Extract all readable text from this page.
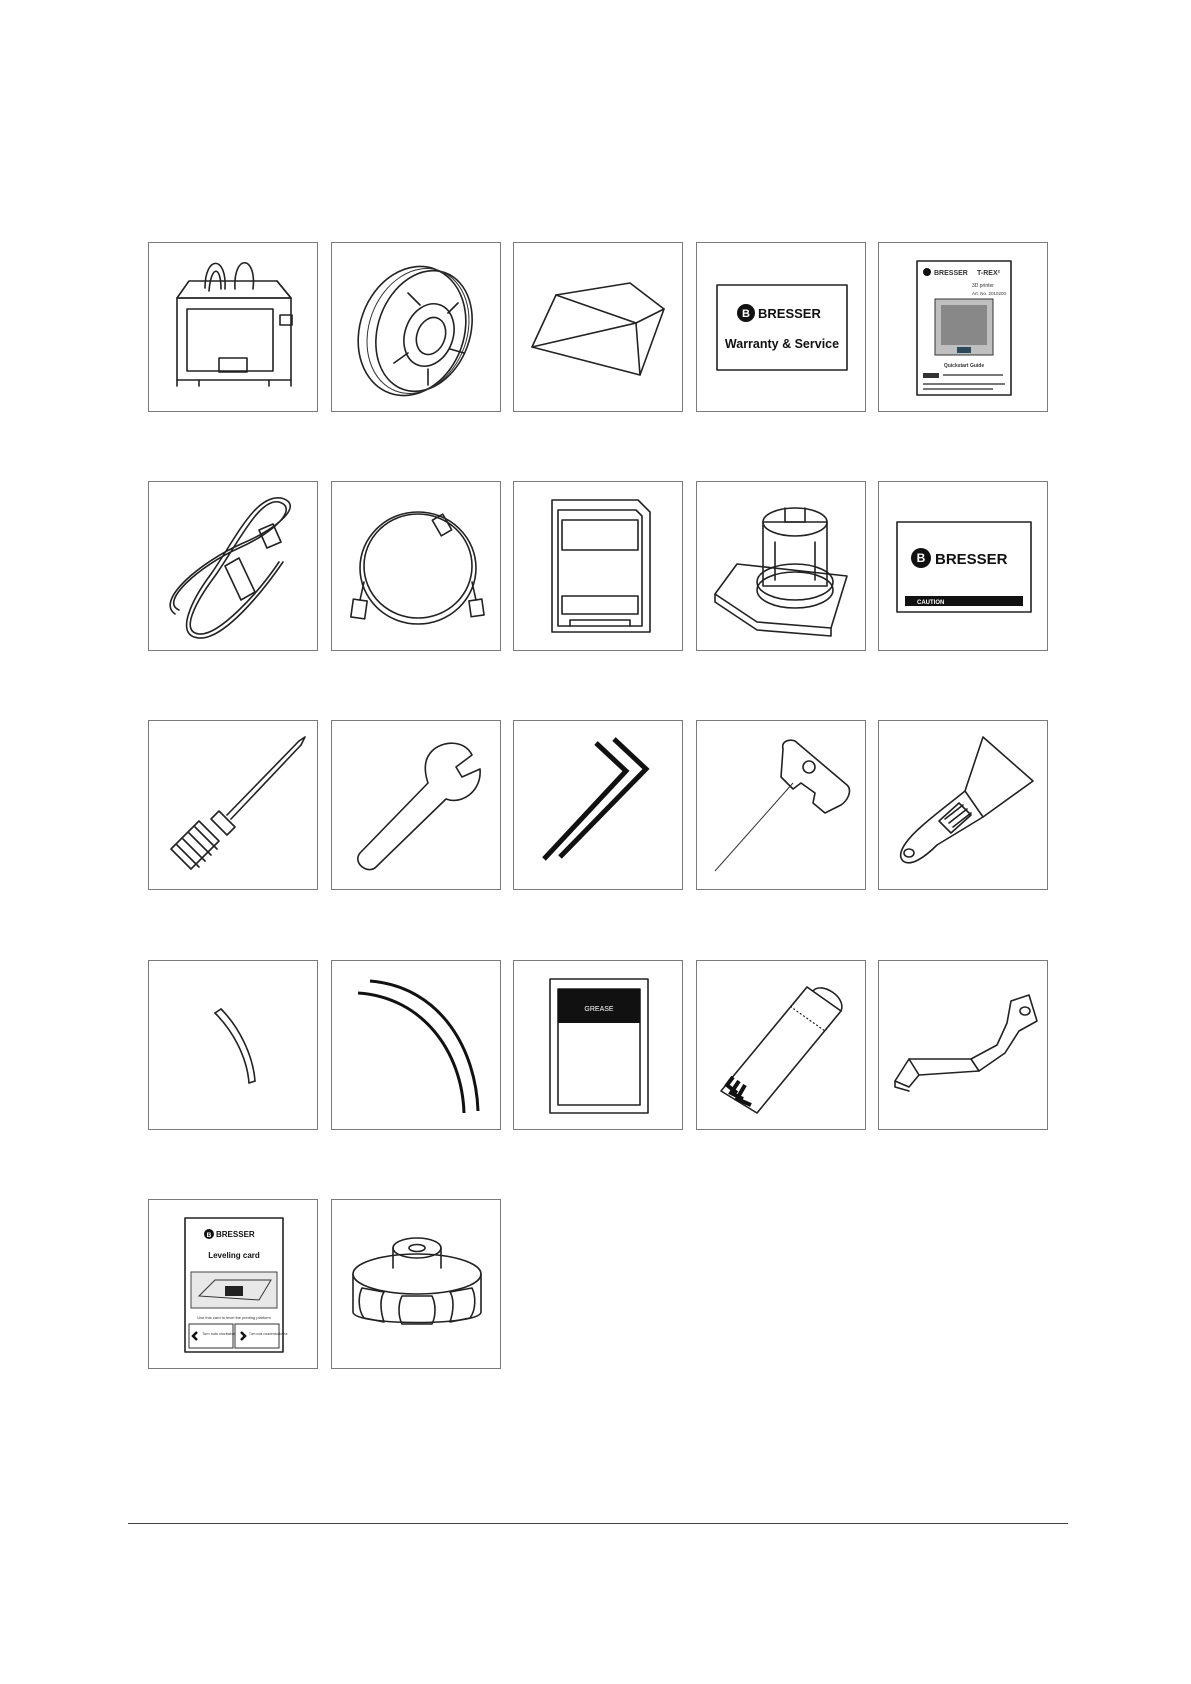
B BRESSER
Warranty & Service
BRESSER T-REX²
3D printer
Art. No. 2010200
Quickstart Guide
B BRESSER
CAUTION
GREASE
B BRESSER
Leveling card
Use this card to level the printing platform
Turn nuts clockwise	Turn nuts counterclockwise
